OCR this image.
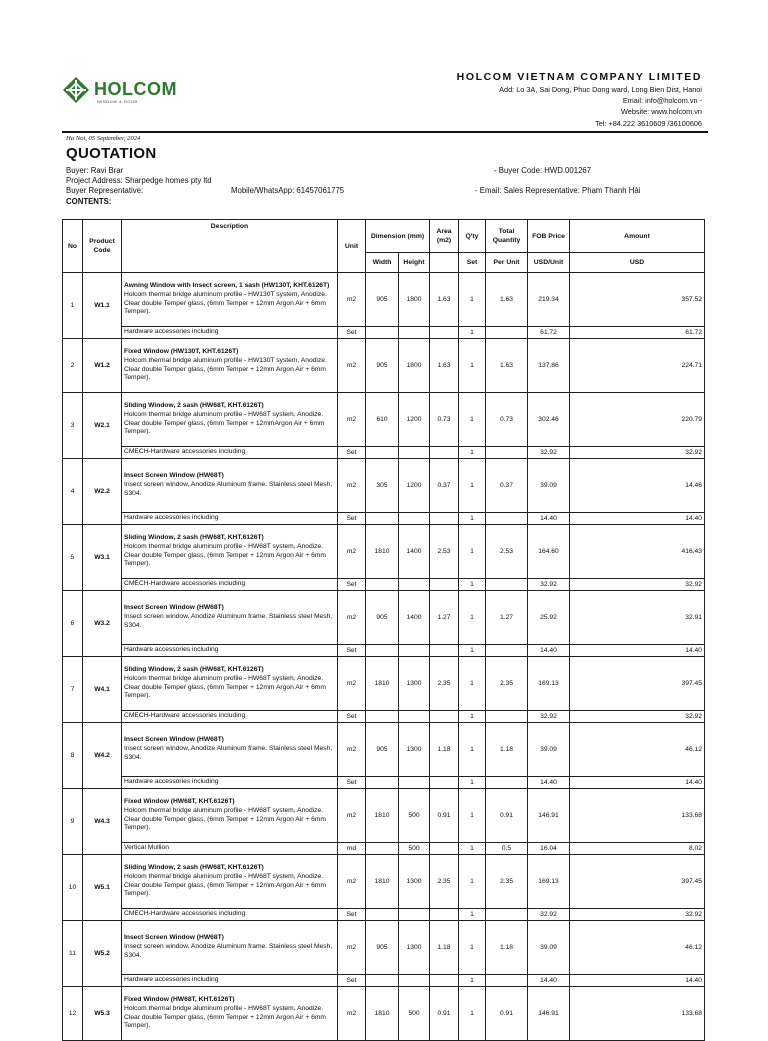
HOLCOM
WINDOW & DOOR
HOLCOM VIETNAM COMPANY LIMITED
Add: Lo 3A, Sai Dong, Phuc Dong ward, Long Bien Dist, Hanoi
Email: info@holcom.vn -
Website: www.holcom.vn
Tel: +84.222 3610609 /36100606
Ha Noi, 05 September, 2024
QUOTATION
Buyer: Ravi Brar	- Buyer Code: HWD.001267
Project Address: Sharpedge homes pty ltd
Buyer Representative:	Mobile/WhatsApp: 61457061775	- Email: Sales Representative: Phạm Thanh Hải
CONTENTS:
No	Product Code	Description	Unit	Dimension (mm)		Area (m2)	Q'ty	Total Quantity	FOB Price	Amount
				Width	Height		Set	Per Unit	USD/Unit	USD
1	W1.1	Awning Window with Insect screen, 1 sash (HW130T, KHT.6126T)
Holcom thermal bridge aluminum profile - HW130T system, Anodize. Clear double Temper glass, (6mm Temper + 12mm Argon Air + 6mm Temper).	m2	905	1800	1.63	1	1.63	219.34	357.52

		Hardware accessories including	Set				1		61.72	61.72
2	W1.2	Fixed Window (HW130T, KHT.6126T)
Holcom thermal bridge aluminum profile - HW130T system, Anodize. Clear double Temper glass, (6mm Temper + 12mm Argon Air + 6mm Temper).	m2	905	1800	1.63	1	1.63	137.86	224.71
3	W2.1	Sliding Window, 2 sash (HW68T, KHT.6126T)
Holcom thermal bridge aluminum profile - HW68T system, Anodize. Clear double Temper glass, (6mm Temper + 12mmArgon Air + 6mm Temper).	m2	610	1200	0.73	1	0.73	302.46	220.79

		CMECH-Hardware accessories including	Set				1		32.92	32.92
4	W2.2	Insect Screen Window (HW68T)
Insect screen window, Anodize Aluminum frame. Stainless steel Mesh, S304.	m2	305	1200	0.37	1	0.37	39.09	14.46

		Hardware accessories including	Set				1		14.40	14.40
5	W3.1	Sliding Window, 2 sash (HW68T, KHT.6126T)
Holcom thermal bridge aluminum profile - HW68T system, Anodize. Clear double Temper glass, (6mm Temper + 12mm Argon Air + 6mm Temper).	m2	1810	1400	2.53	1	2.53	164.60	416.43

		CMECH-Hardware accessories including	Set				1		32.92	32.92
6	W3.2	Insect Screen Window (HW68T)
Insect screen window, Anodize Aluminum frame. Stainless steel Mesh, S304.	m2	905	1400	1.27	1	1.27	25.92	32.91

		Hardware accessories including	Set				1		14.40	14.40
7	W4.1	Sliding Window, 2 sash (HW68T, KHT.6126T)
Holcom thermal bridge aluminum profile - HW68T system, Anodize. Clear double Temper glass, (6mm Temper + 12mm Argon Air + 6mm Temper).	m2	1810	1300	2.35	1	2.35	169.13	397.45

		CMECH-Hardware accessories including	Set				1		32.92	32.92
8	W4.2	Insect Screen Window (HW68T)
Insect screen window, Anodize Aluminum frame. Stainless steel Mesh, S304.	m2	905	1300	1.18	1	1.18	39.09	46.12

		Hardware accessories including	Set				1		14.40	14.40
9	W4.3	Fixed Window (HW68T, KHT.6126T)
Holcom thermal bridge aluminum profile - HW68T system, Anodize. Clear double Temper glass, (6mm Temper + 12mm Argon Air + 6mm Temper).	m2	1810	500	0.91	1	0.91	146.91	133.68

		Vertical Mullion	md		500		1	0.5	16.04	8.02
10	W5.1	Sliding Window, 2 sash (HW68T, KHT.6126T)
Holcom thermal bridge aluminum profile - HW68T system, Anodize. Clear double Temper glass, (6mm Temper + 12mm Argon Air + 6mm Temper).	m2	1810	1300	2.35	1	2.35	169.13	397.45

		CMECH-Hardware accessories including	Set				1		32.92	32.92
11	W5.2	Insect Screen Window (HW68T)
Insect screen window, Anodize Aluminum frame. Stainless steel Mesh, S304.	m2	905	1300	1.18	1	1.18	39.09	46.12

		Hardware accessories including	Set				1		14.40	14.40
12	W5.3	Fixed Window (HW68T, KHT.6126T)
Holcom thermal bridge aluminum profile - HW68T system, Anodize. Clear double Temper glass, (6mm Temper + 12mm Argon Air + 6mm Temper).	m2	1810	500	0.91	1	0.91	146.91	133.68
